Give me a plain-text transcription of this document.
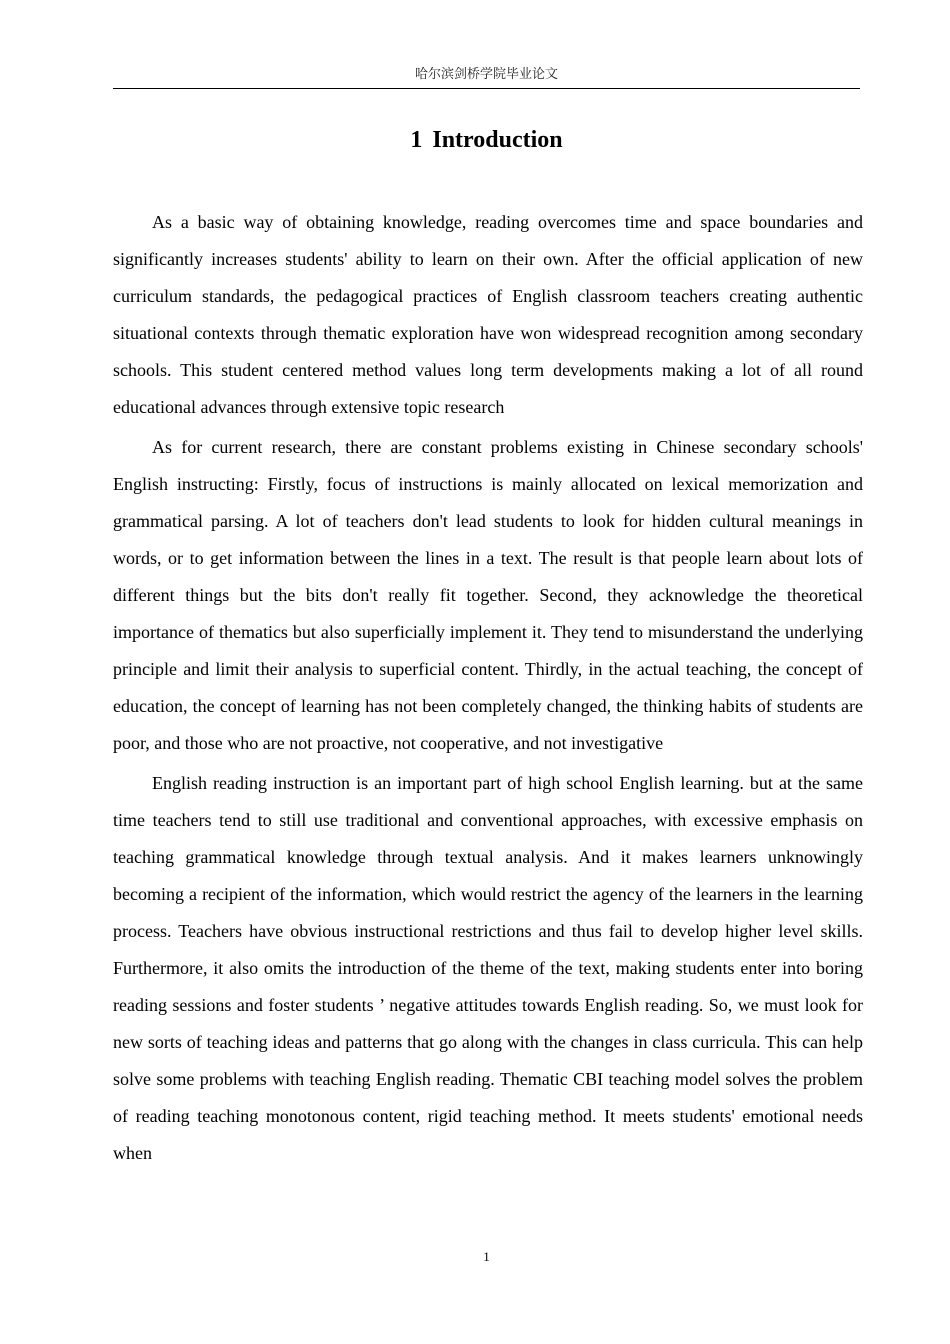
哈尔滨剑桥学院毕业论文
1 Introduction

As a basic way of obtaining knowledge, reading overcomes time and space boundaries and significantly increases students' ability to learn on their own. After the official application of new curriculum standards, the pedagogical practices of English classroom teachers creating authentic situational contexts through thematic exploration have won widespread recognition among secondary schools. This student centered method values long term developments making a lot of all round educational advances through extensive topic research

As for current research, there are constant problems existing in Chinese secondary schools' English instructing: Firstly, focus of instructions is mainly allocated on lexical memorization and grammatical parsing. A lot of teachers don't lead students to look for hidden cultural meanings in words, or to get information between the lines in a text. The result is that people learn about lots of different things but the bits don't really fit together. Second, they acknowledge the theoretical importance of thematics but also superficially implement it. They tend to misunderstand the underlying principle and limit their analysis to superficial content. Thirdly, in the actual teaching, the concept of education, the concept of learning has not been completely changed, the thinking habits of students are poor, and those who are not proactive, not cooperative, and not investigative

English reading instruction is an important part of high school English learning. but at the same time teachers tend to still use traditional and conventional approaches, with excessive emphasis on teaching grammatical knowledge through textual analysis. And it makes learners unknowingly becoming a recipient of the information, which would restrict the agency of the learners in the learning process. Teachers have obvious instructional restrictions and thus fail to develop higher level skills. Furthermore, it also omits the introduction of the theme of the text, making students enter into boring reading sessions and foster students ’ negative attitudes towards English reading. So, we must look for new sorts of teaching ideas and patterns that go along with the changes in class curricula. This can help solve some problems with teaching English reading. Thematic CBI teaching model solves the problem of reading teaching monotonous content, rigid teaching method. It meets students' emotional needs when

1
